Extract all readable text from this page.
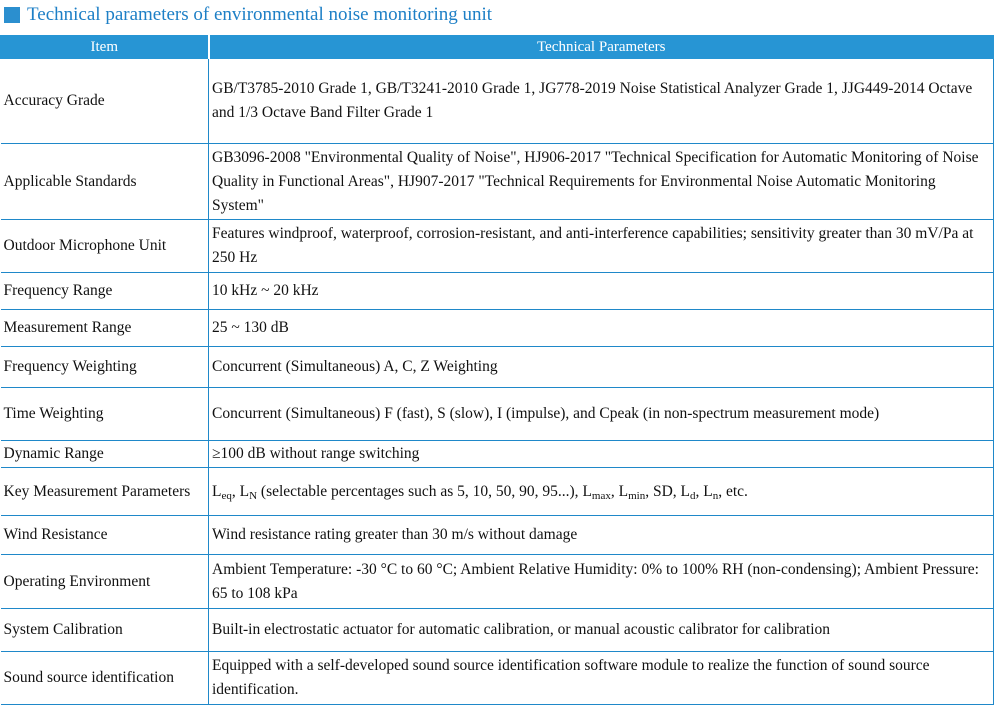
Technical parameters of environmental noise monitoring unit
Item	Technical Parameters
Accuracy Grade	GB/T3785-2010 Grade 1, GB/T3241-2010 Grade 1, JG778-2019 Noise Statistical Analyzer Grade 1, JJG449-2014 Octave and 1/3 Octave Band Filter Grade 1
Applicable Standards	GB3096-2008 "Environmental Quality of Noise", HJ906-2017 "Technical Specification for Automatic Monitoring of Noise Quality in Functional Areas", HJ907-2017 "Technical Requirements for Environmental Noise Automatic Monitoring System"
Outdoor Microphone Unit	Features windproof, waterproof, corrosion-resistant, and anti-interference capabilities; sensitivity greater than 30 mV/Pa at 250 Hz
Frequency Range	10 kHz ~ 20 kHz
Measurement Range	25 ~ 130 dB
Frequency Weighting	Concurrent (Simultaneous) A, C, Z Weighting
Time Weighting	Concurrent (Simultaneous) F (fast), S (slow), I (impulse), and Cpeak (in non-spectrum measurement mode)
Dynamic Range	≥100 dB without range switching
Key Measurement Parameters	$L_{eq}$, $L_N$ (selectable percentages such as 5, 10, 50, 90, 95...), $L_{max}$, $L_{min}$, SD, $L_d$, $L_n$, etc.
Wind Resistance	Wind resistance rating greater than 30 m/s without damage
Operating Environment	Ambient Temperature: -30 °C to 60 °C; Ambient Relative Humidity: 0% to 100% RH (non-condensing); Ambient Pressure: 65 to 108 kPa
System Calibration	Built-in electrostatic actuator for automatic calibration, or manual acoustic calibrator for calibration
Sound source identification	Equipped with a self-developed sound source identification software module to realize the function of sound source identification.
